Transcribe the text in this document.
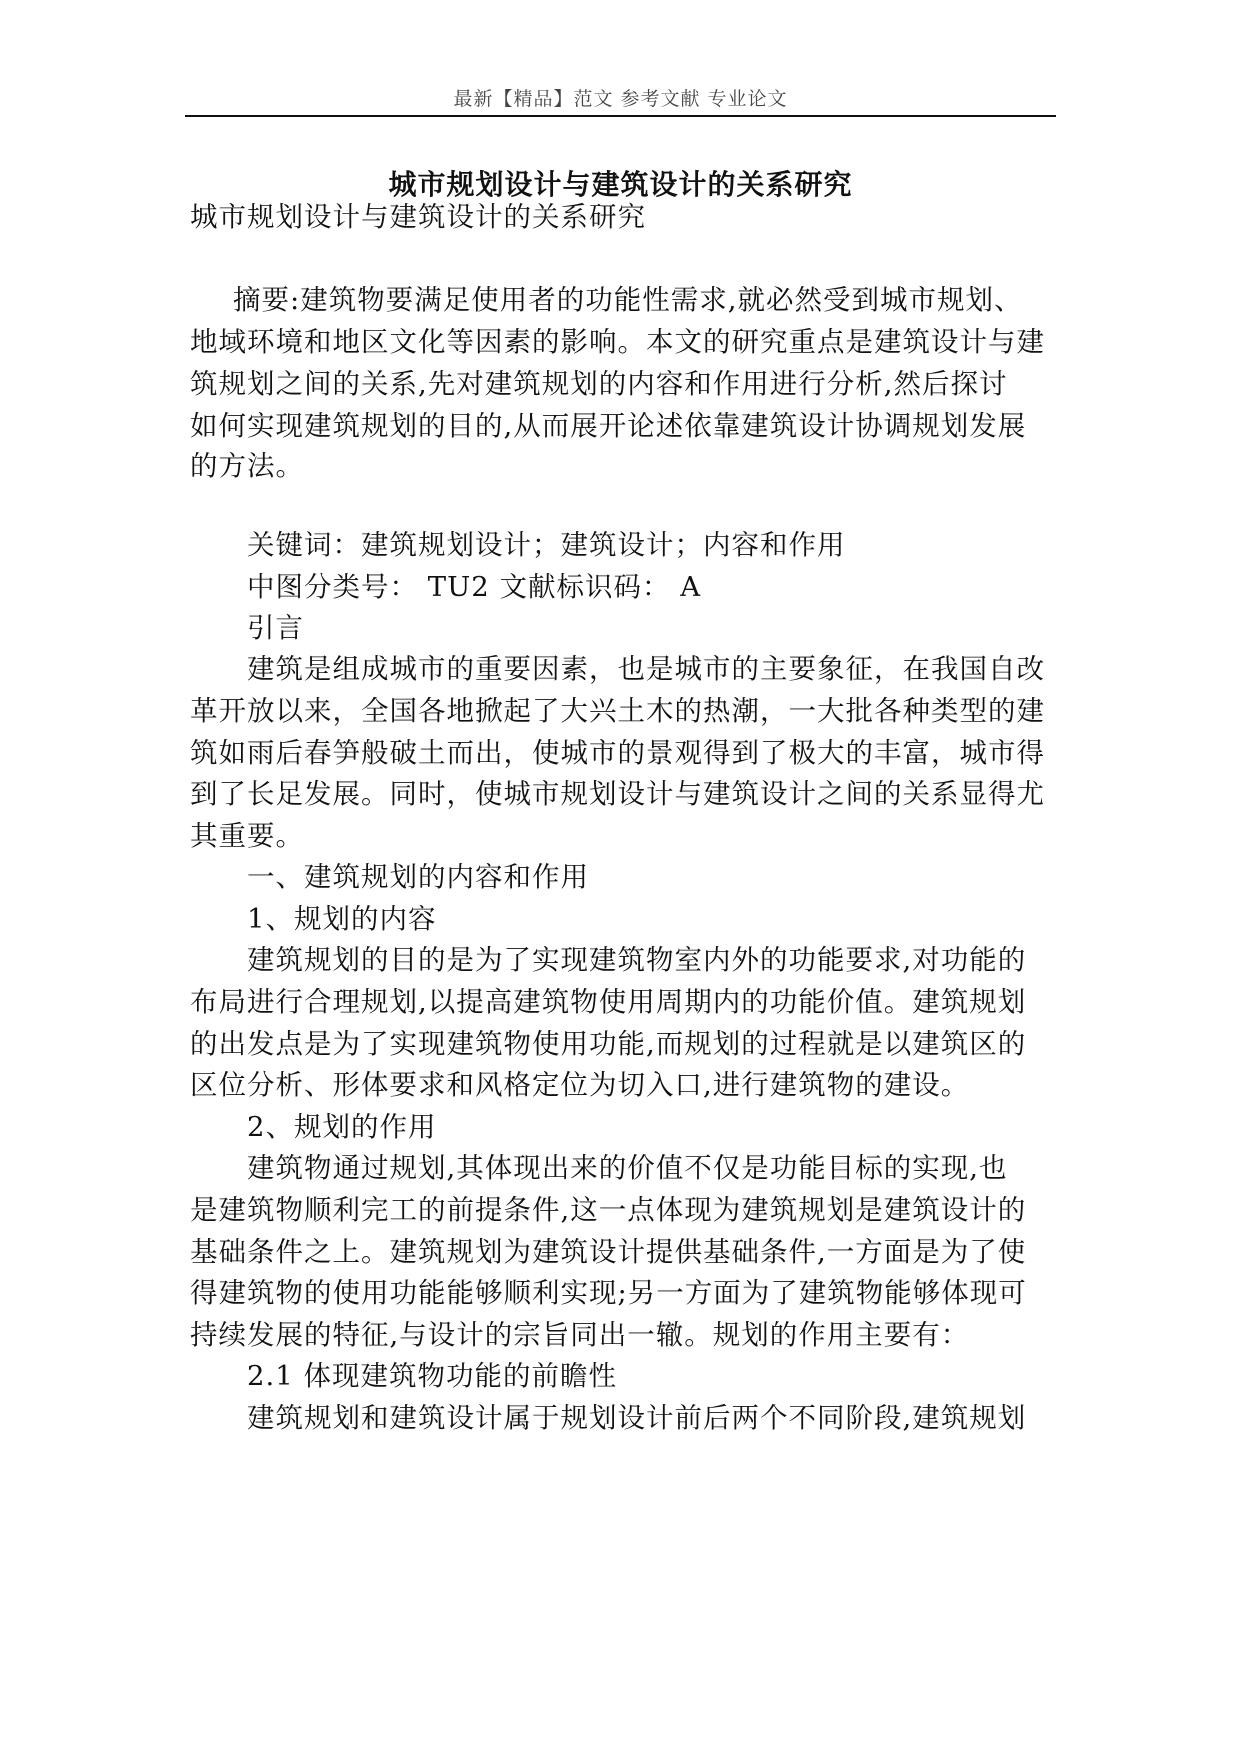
最新【精品】范文 参考文献 专业论文
城市规划设计与建筑设计的关系研究
城市规划设计与建筑设计的关系研究
摘要:建筑物要满足使用者的功能性需求,就必然受到城市规划、
地域环境和地区文化等因素的影响。本文的研究重点是建筑设计与建
筑规划之间的关系,先对建筑规划的内容和作用进行分析,然后探讨
如何实现建筑规划的目的,从而展开论述依靠建筑设计协调规划发展
的方法。
关键词：建筑规划设计；建筑设计；内容和作用
中图分类号： TU2 文献标识码： A
引言
建筑是组成城市的重要因素，也是城市的主要象征，在我国自改
革开放以来，全国各地掀起了大兴土木的热潮，一大批各种类型的建
筑如雨后春笋般破土而出，使城市的景观得到了极大的丰富，城市得
到了长足发展。同时，使城市规划设计与建筑设计之间的关系显得尤
其重要。
一、建筑规划的内容和作用
1、规划的内容
建筑规划的目的是为了实现建筑物室内外的功能要求,对功能的
布局进行合理规划,以提高建筑物使用周期内的功能价值。建筑规划
的出发点是为了实现建筑物使用功能,而规划的过程就是以建筑区的
区位分析、形体要求和风格定位为切入口,进行建筑物的建设。
2、规划的作用
建筑物通过规划,其体现出来的价值不仅是功能目标的实现,也
是建筑物顺利完工的前提条件,这一点体现为建筑规划是建筑设计的
基础条件之上。建筑规划为建筑设计提供基础条件,一方面是为了使
得建筑物的使用功能能够顺利实现;另一方面为了建筑物能够体现可
持续发展的特征,与设计的宗旨同出一辙。规划的作用主要有：
2.1 体现建筑物功能的前瞻性
建筑规划和建筑设计属于规划设计前后两个不同阶段,建筑规划
